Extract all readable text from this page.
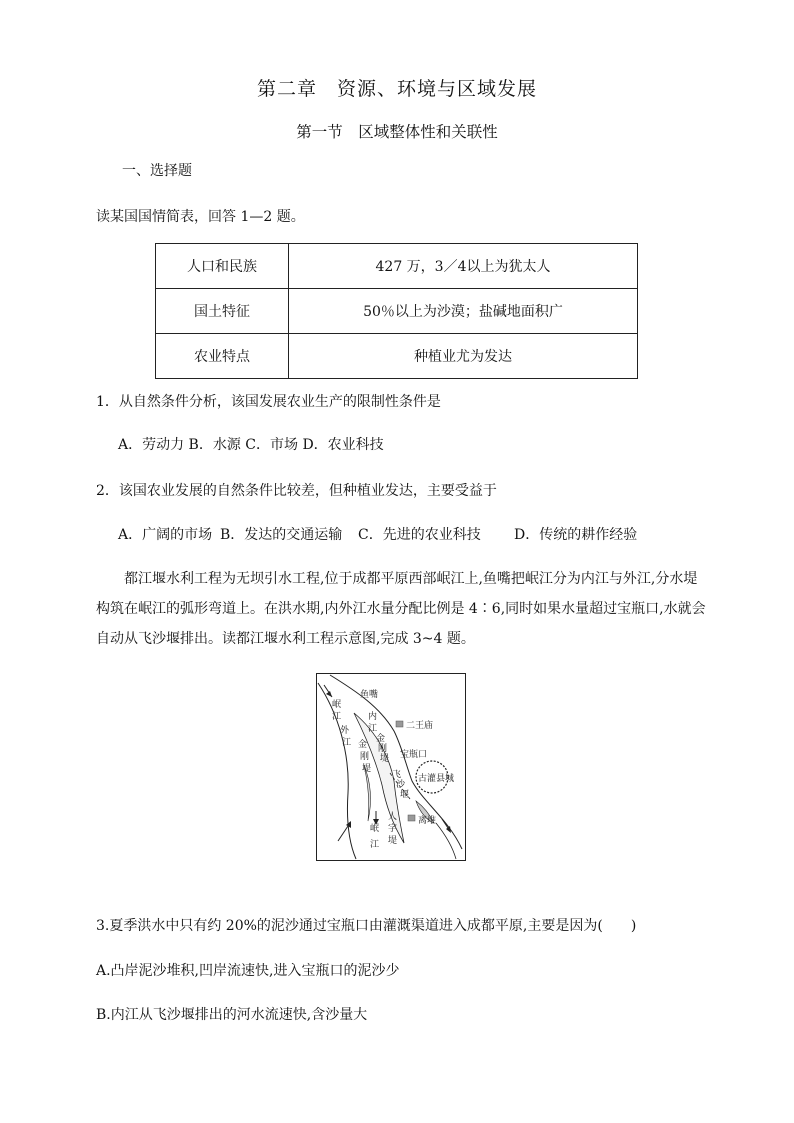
第二章　资源、环境与区域发展
第一节　区域整体性和关联性
一、选择题
读某国国情简表，回答 1—2 题。
人口和民族	427 万，3／4以上为犹太人
国土特征	50％以上为沙漠；盐碱地面积广
农业特点	种植业尤为发达
1．从自然条件分析，该国发展农业生产的限制性条件是
A．劳动力 B．水源 C．市场 D．农业科技
2．该国农业发展的自然条件比较差，但种植业发达，主要受益于
A．广阔的市场 B．发达的交通运输 C．先进的农业科技 D．传统的耕作经验
都江堰水利工程为无坝引水工程,位于成都平原西部岷江上,鱼嘴把岷江分为内江与外江,分水堤构筑在岷江的弧形弯道上。在洪水期,内外江水量分配比例是 4∶6,同时如果水量超过宝瓶口,水就会自动从飞沙堰排出。读都江堰水利工程示意图,完成 3~4 题。
岷
江
鱼嘴
内
江	二王庙
金
刚
堤
外
江 金
刚
堤
飞
沙
堰
宝瓶口
古灌县城
岷
江
人
字
堤
离堆
3.夏季洪水中只有约 20%的泥沙通过宝瓶口由灌溉渠道进入成都平原,主要是因为(　　)
A.凸岸泥沙堆积,凹岸流速快,进入宝瓶口的泥沙少
B.内江从飞沙堰排出的河水流速快,含沙量大
